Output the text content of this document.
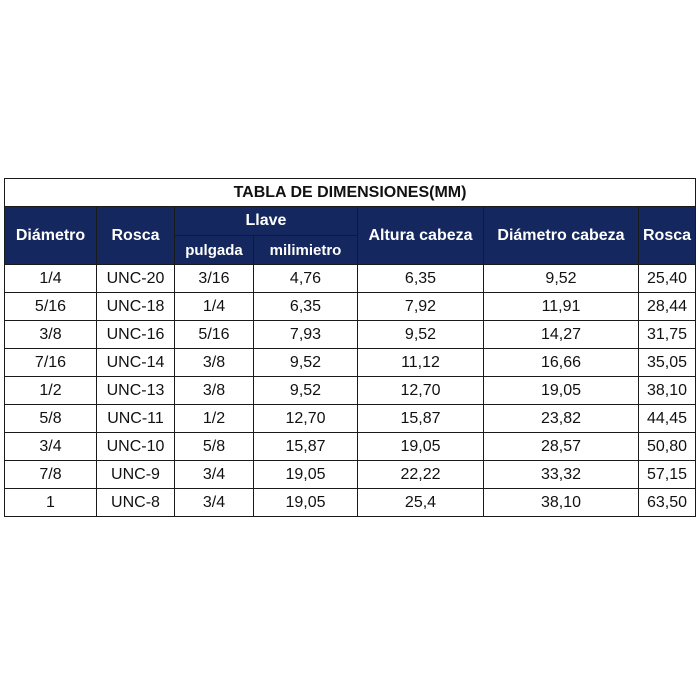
TABLA DE DIMENSIONES(MM)						
Diámetro	Rosca	Llave		Altura cabeza	Diámetro cabeza	Rosca
		pulgada	milimietro			
1/4	UNC-20	3/16	4,76	6,35	9,52	25,40
5/16	UNC-18	1/4	6,35	7,92	11,91	28,44
3/8	UNC-16	5/16	7,93	9,52	14,27	31,75
7/16	UNC-14	3/8	9,52	11,12	16,66	35,05
1/2	UNC-13	3/8	9,52	12,70	19,05	38,10
5/8	UNC-11	1/2	12,70	15,87	23,82	44,45
3/4	UNC-10	5/8	15,87	19,05	28,57	50,80
7/8	UNC-9	3/4	19,05	22,22	33,32	57,15
1	UNC-8	3/4	19,05	25,4	38,10	63,50
